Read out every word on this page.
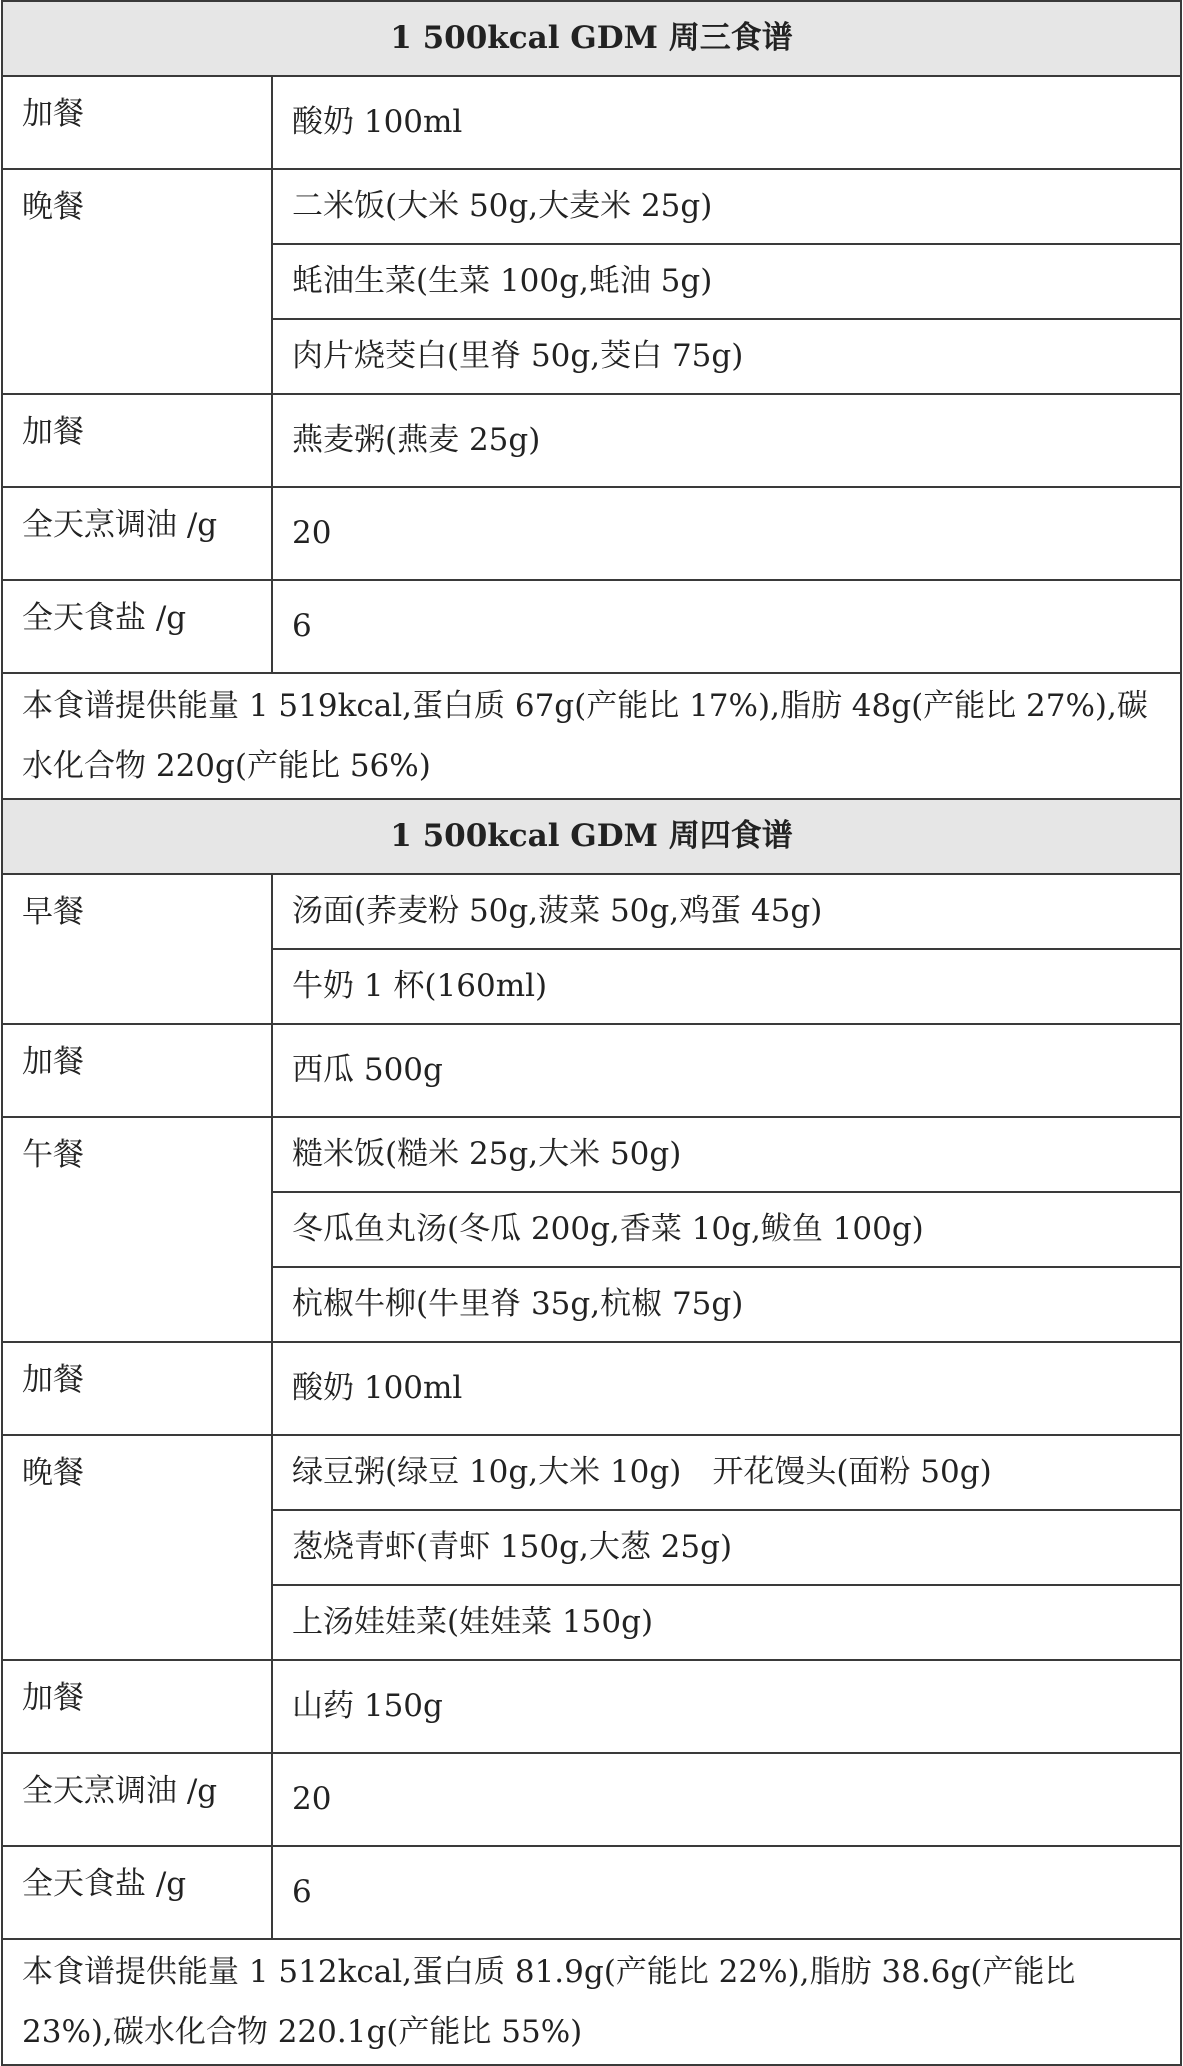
1 500kcal GDM 周三食谱	
加餐	酸奶 100ml
晚餐	二米饭(大米 50g,大麦米 25g)
	蚝油生菜(生菜 100g,蚝油 5g)
	肉片烧茭白(里脊 50g,茭白 75g)
加餐	燕麦粥(燕麦 25g)
全天烹调油 /g	20
全天食盐 /g	6
本食谱提供能量 1 519kcal,蛋白质 67g(产能比 17%),脂肪 48g(产能比 27%),碳水化合物 220g(产能比 56%)	
1 500kcal GDM 周四食谱	
早餐	汤面(荞麦粉 50g,菠菜 50g,鸡蛋 45g)
	牛奶 1 杯(160ml)
加餐	西瓜 500g
午餐	糙米饭(糙米 25g,大米 50g)
	冬瓜鱼丸汤(冬瓜 200g,香菜 10g,鲅鱼 100g)
	杭椒牛柳(牛里脊 35g,杭椒 75g)
加餐	酸奶 100ml
晚餐	绿豆粥(绿豆 10g,大米 10g)　开花馒头(面粉 50g)
	葱烧青虾(青虾 150g,大葱 25g)
	上汤娃娃菜(娃娃菜 150g)
加餐	山药 150g
全天烹调油 /g	20
全天食盐 /g	6
本食谱提供能量 1 512kcal,蛋白质 81.9g(产能比 22%),脂肪 38.6g(产能比 23%),碳水化合物 220.1g(产能比 55%)	
